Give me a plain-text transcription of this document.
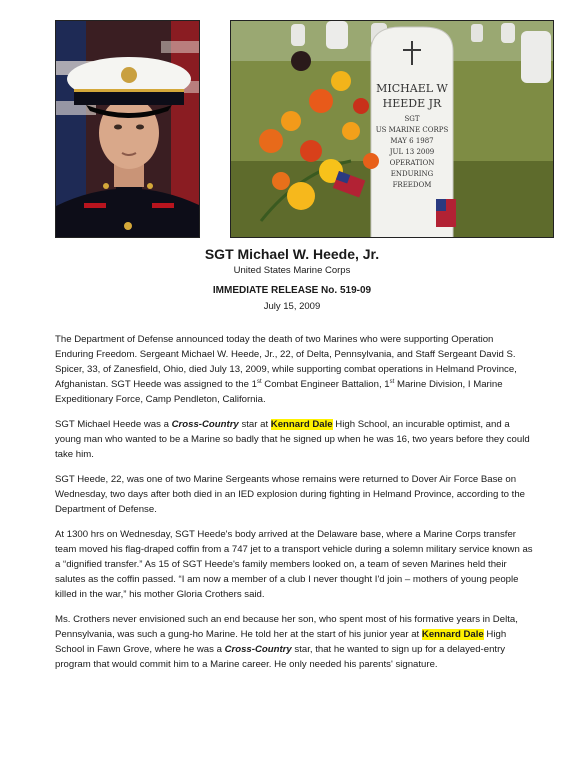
MICHAEL W
HEEDE JR
SGT
US MARINE CORPS
MAY 6 1987
JUL 13 2009
OPERATION
ENDURING
FREEDOM
SGT Michael W. Heede, Jr.
United States Marine Corps
IMMEDIATE RELEASE No. 519-09
July 15, 2009

The Department of Defense announced today the death of two Marines who were supporting Operation Enduring Freedom. Sergeant Michael W. Heede, Jr., 22, of Delta, Pennsylvania, and Staff Sergeant David S. Spicer, 33, of Zanesfield, Ohio, died July 13, 2009, while supporting combat operations in Helmand Province, Afghanistan. SGT Heede was assigned to the 1st Combat Engineer Battalion, 1st Marine Division, I Marine Expeditionary Force, Camp Pendleton, California.

SGT Michael Heede was a Cross-Country star at Kennard Dale High School, an incurable optimist, and a young man who wanted to be a Marine so badly that he signed up when he was 16, two years before they could take him.

SGT Heede, 22, was one of two Marine Sergeants whose remains were returned to Dover Air Force Base on Wednesday, two days after both died in an IED explosion during fighting in Helmand Province, according to the Department of Defense.

At 1300 hrs on Wednesday, SGT Heede's body arrived at the Delaware base, where a Marine Corps transfer team moved his flag-draped coffin from a 747 jet to a transport vehicle during a solemn military service known as a “dignified transfer.” As 15 of SGT Heede's family members looked on, a team of seven Marines held their salutes as the coffin passed. “I am now a member of a club I never thought I'd join – mothers of young people killed in the war,” his mother Gloria Crothers said.

Ms. Crothers never envisioned such an end because her son, who spent most of his formative years in Delta, Pennsylvania, was such a gung-ho Marine. He told her at the start of his junior year at Kennard Dale High School in Fawn Grove, where he was a Cross-Country star, that he wanted to sign up for a delayed-entry program that would commit him to a Marine career. He only needed his parents' signature.
